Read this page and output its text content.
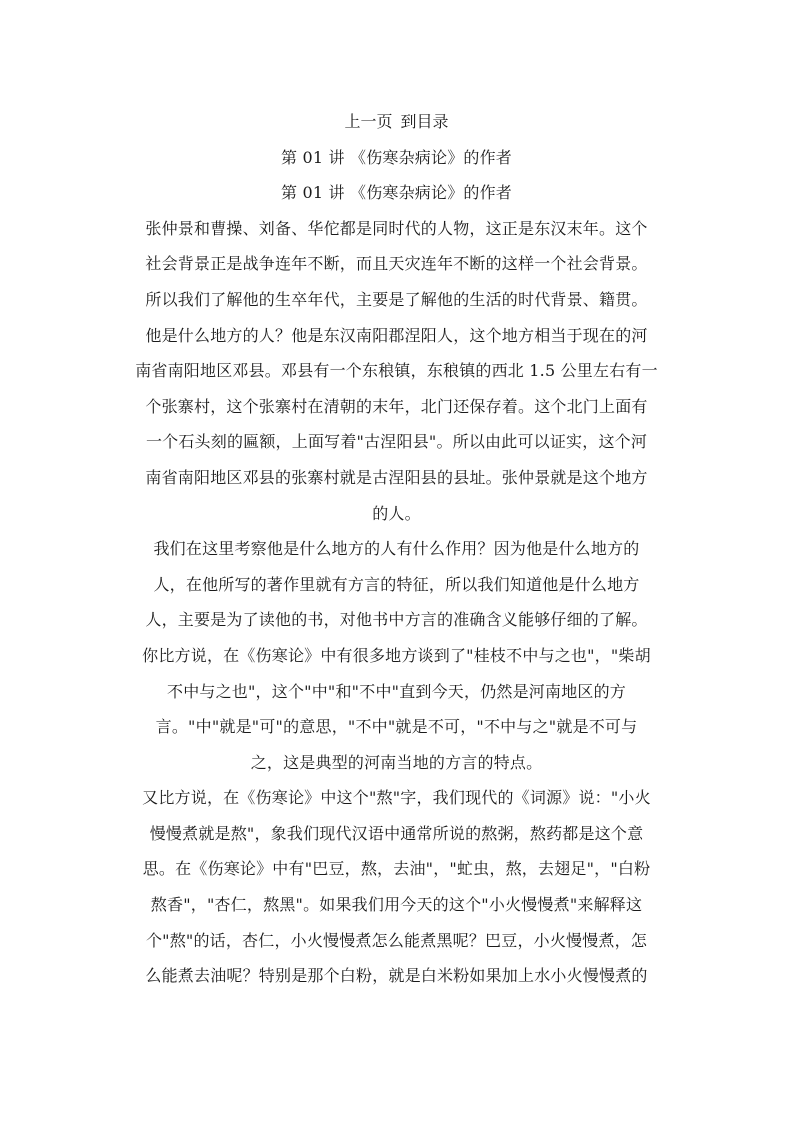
上一页 到目录
第 01 讲 《伤寒杂病论》的作者
第 01 讲 《伤寒杂病论》的作者
张仲景和曹操、刘备、华佗都是同时代的人物，这正是东汉末年。这个
社会背景正是战争连年不断，而且天灾连年不断的这样一个社会背景。
所以我们了解他的生卒年代，主要是了解他的生活的时代背景、籍贯。
他是什么地方的人？他是东汉南阳郡涅阳人，这个地方相当于现在的河
南省南阳地区邓县。邓县有一个东稂镇，东稂镇的西北 1.5 公里左右有一
个张寨村，这个张寨村在清朝的末年，北门还保存着。这个北门上面有
一个石头刻的匾额，上面写着"古涅阳县"。所以由此可以证实，这个河
南省南阳地区邓县的张寨村就是古涅阳县的县址。张仲景就是这个地方
的人。
我们在这里考察他是什么地方的人有什么作用？因为他是什么地方的
人，在他所写的著作里就有方言的特征，所以我们知道他是什么地方
人，主要是为了读他的书，对他书中方言的准确含义能够仔细的了解。
你比方说，在《伤寒论》中有很多地方谈到了"桂枝不中与之也"，"柴胡
不中与之也"，这个"中"和"不中"直到今天，仍然是河南地区的方
言。"中"就是"可"的意思，"不中"就是不可，"不中与之"就是不可与
之，这是典型的河南当地的方言的特点。
又比方说，在《伤寒论》中这个"熬"字，我们现代的《词源》说："小火
慢慢煮就是熬"，象我们现代汉语中通常所说的熬粥，熬药都是这个意
思。在《伤寒论》中有"巴豆，熬，去油"，"虻虫，熬，去翅足"，"白粉
熬香"，"杏仁，熬黑"。如果我们用今天的这个"小火慢慢煮"来解释这
个"熬"的话，杏仁，小火慢慢煮怎么能煮黑呢？巴豆，小火慢慢煮，怎
么能煮去油呢？特别是那个白粉，就是白米粉如果加上水小火慢慢煮的
